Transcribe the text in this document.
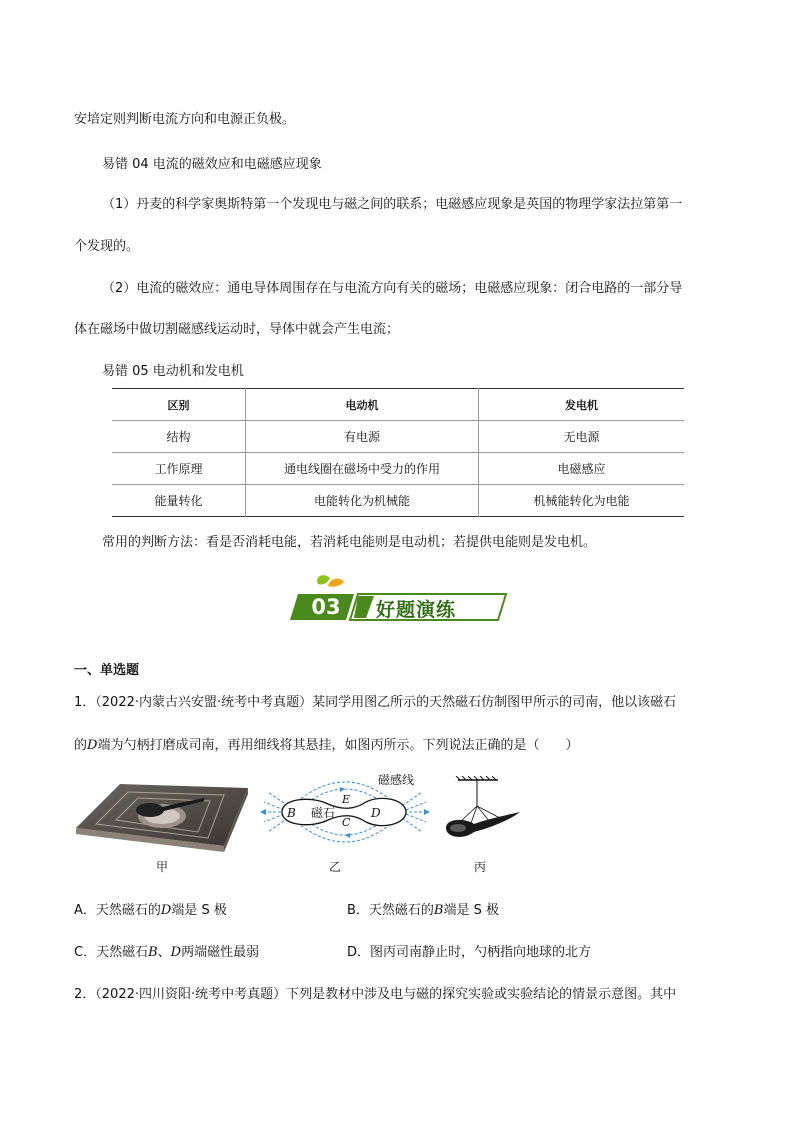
安培定则判断电流方向和电源正负极。
易错 04 电流的磁效应和电磁感应现象
（1）丹麦的科学家奥斯特第一个发现电与磁之间的联系；电磁感应现象是英国的物理学家法拉第第一
个发现的。
（2）电流的磁效应：通电导体周围存在与电流方向有关的磁场；电磁感应现象：闭合电路的一部分导
体在磁场中做切割磁感线运动时，导体中就会产生电流；
易错 05 电动机和发电机
区别	电动机	发电机
结构	有电源	无电源
工作原理	通电线圈在磁场中受力的作用	电磁感应
能量转化	电能转化为机械能	机械能转化为电能
常用的判断方法：看是否消耗电能，若消耗电能则是电动机；若提供电能则是发电机。
03	好题演练
一、单选题
1．（2022·内蒙古兴安盟·统考中考真题）某同学用图乙所示的天然磁石仿制图甲所示的司南，他以该磁石
的D端为勺柄打磨成司南，再用细线将其悬挂，如图丙所示。下列说法正确的是（　　）
甲
磁感线
磁石
B
E
C
D
乙	丙
A．天然磁石的D端是 S 极	B．天然磁石的B端是 S 极
C．天然磁石B、D两端磁性最弱	D．图丙司南静止时，勺柄指向地球的北方
2．（2022·四川资阳·统考中考真题）下列是教材中涉及电与磁的探究实验或实验结论的情景示意图。其中
